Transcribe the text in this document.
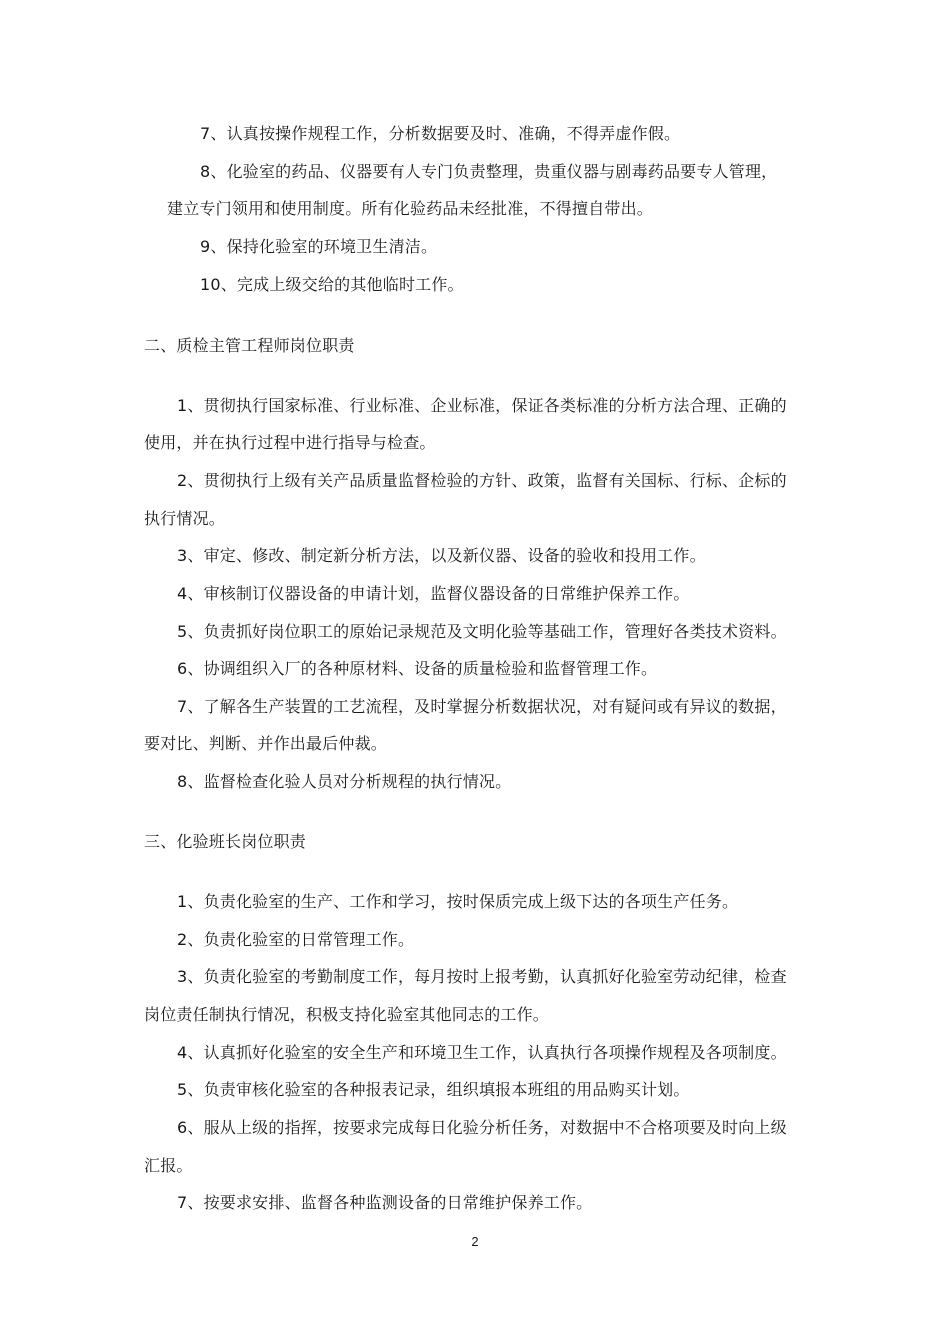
7、认真按操作规程工作，分析数据要及时、准确，不得弄虚作假。
8、化验室的药品、仪器要有人专门负责整理，贵重仪器与剧毒药品要专人管理，
建立专门领用和使用制度。所有化验药品未经批准，不得擅自带出。
9、保持化验室的环境卫生清洁。
10、完成上级交给的其他临时工作。
二、质检主管工程师岗位职责
1、贯彻执行国家标准、行业标准、企业标准，保证各类标准的分析方法合理、正确的
使用，并在执行过程中进行指导与检查。
2、贯彻执行上级有关产品质量监督检验的方针、政策，监督有关国标、行标、企标的
执行情况。
3、审定、修改、制定新分析方法，以及新仪器、设备的验收和投用工作。
4、审核制订仪器设备的申请计划，监督仪器设备的日常维护保养工作。
5、负责抓好岗位职工的原始记录规范及文明化验等基础工作，管理好各类技术资料。
6、协调组织入厂的各种原材料、设备的质量检验和监督管理工作。
7、了解各生产装置的工艺流程，及时掌握分析数据状况，对有疑问或有异议的数据，
要对比、判断、并作出最后仲裁。
8、监督检查化验人员对分析规程的执行情况。
三、化验班长岗位职责
1、负责化验室的生产、工作和学习，按时保质完成上级下达的各项生产任务。
2、负责化验室的日常管理工作。
3、负责化验室的考勤制度工作，每月按时上报考勤，认真抓好化验室劳动纪律，检查
岗位责任制执行情况，积极支持化验室其他同志的工作。
4、认真抓好化验室的安全生产和环境卫生工作，认真执行各项操作规程及各项制度。
5、负责审核化验室的各种报表记录，组织填报本班组的用品购买计划。
6、服从上级的指挥，按要求完成每日化验分析任务，对数据中不合格项要及时向上级
汇报。
7、按要求安排、监督各种监测设备的日常维护保养工作。
2
